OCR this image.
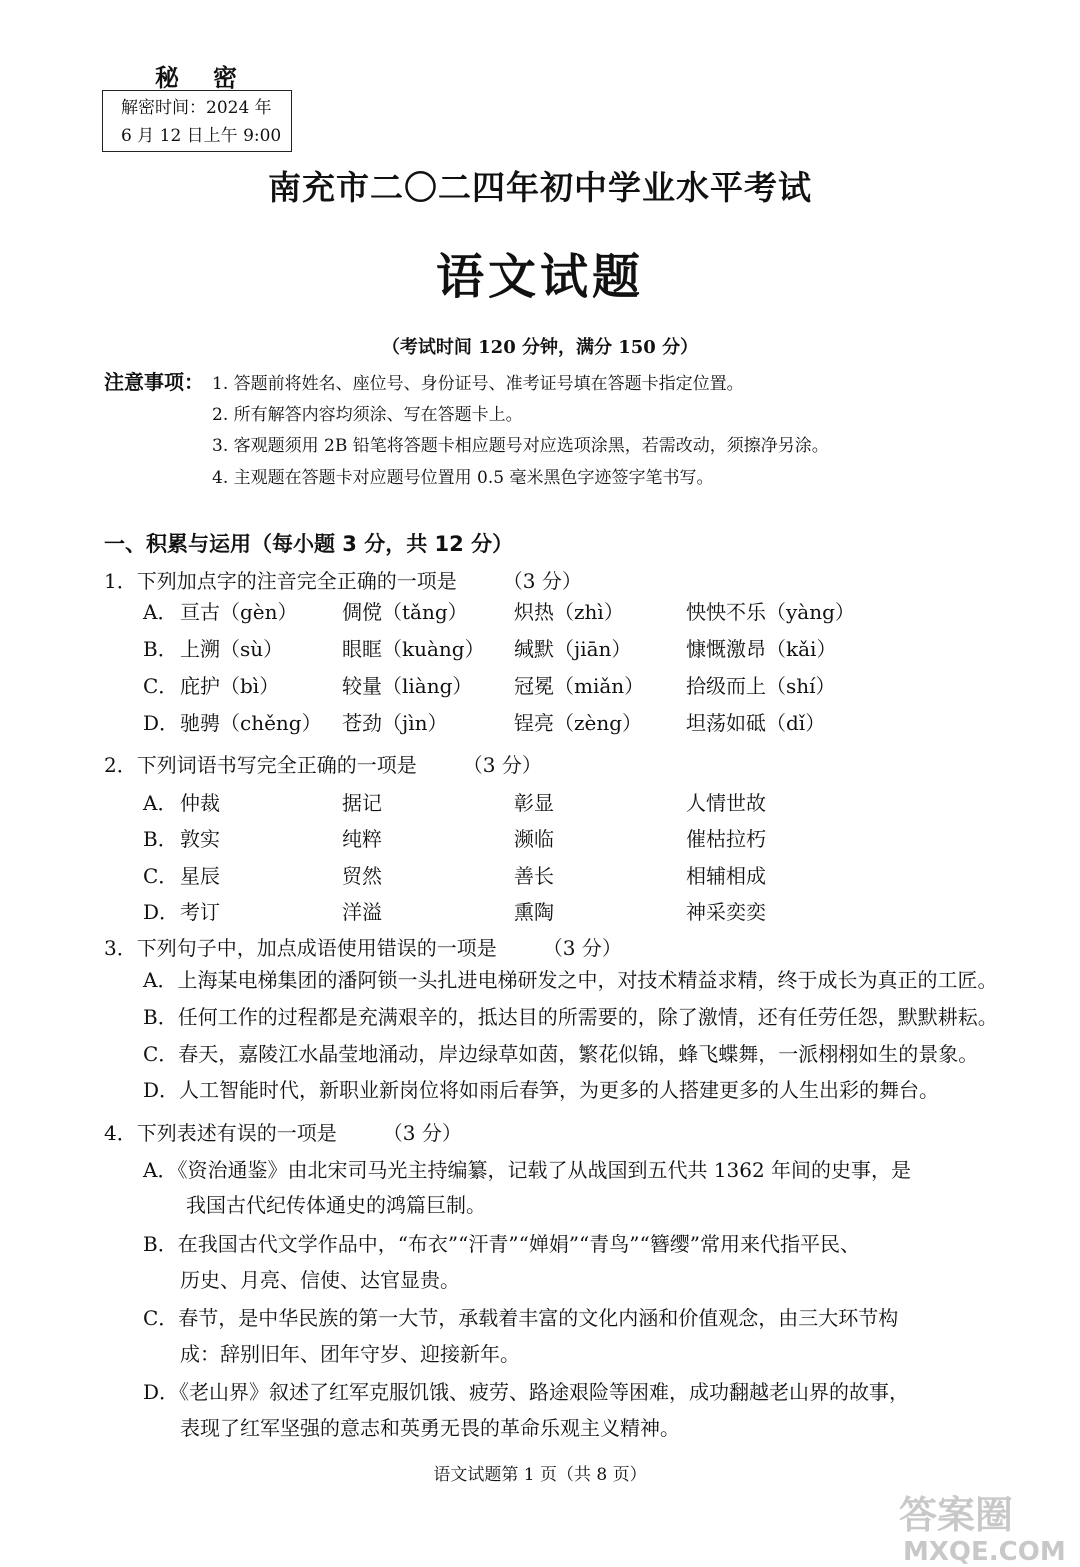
秘密
解密时间：2024 年
6 月 12 日上午 9:00
南充市二〇二四年初中学业水平考试
语文试题
（考试时间 120 分钟，满分 150 分）
注意事项： 1. 答题前将姓名、座位号、身份证号、准考证号填在答题卡指定位置。
2. 所有解答内容均须涂、写在答题卡上。
3. 客观题须用 2B 铅笔将答题卡相应题号对应选项涂黑，若需改动，须擦净另涂。
4. 主观题在答题卡对应题号位置用 0.5 毫米黑色字迹签字笔书写。
一、积累与运用（每小题 3 分，共 12 分）
1．下列加点字的注音完全正确的一项是 （3 分）
A． 亘古（gèn） 倜傥（tǎng） 炽热（zhì）	怏怏不乐（yàng）
B． 上溯（sù）	眼眶（kuàng） 缄默（jiān）	慷慨激昂（kǎi）
C． 庇护（bì）	较量（liàng） 冠冕（miǎn） 拾级而上（shí）
D． 驰骋（chěng） 苍劲（jìn）	锃亮（zèng） 坦荡如砥（dǐ）
2．下列词语书写完全正确的一项是 （3 分）
A． 仲裁	据记	彰显	人情世故
B． 敦实	纯粹	濒临	催枯拉朽
C． 星辰	贸然	善长	相辅相成
D． 考订	洋溢	熏陶	神采奕奕
3．下列句子中，加点成语使用错误的一项是 （3 分）
A．上海某电梯集团的潘阿锁一头扎进电梯研发之中，对技术精益求精，终于成长为真正的工匠。
B．任何工作的过程都是充满艰辛的，抵达目的所需要的，除了激情，还有任劳任怨，默默耕耘。
C．春天，嘉陵江水晶莹地涌动，岸边绿草如茵，繁花似锦，蜂飞蝶舞，一派栩栩如生的景象。
D．人工智能时代，新职业新岗位将如雨后春笋，为更多的人搭建更多的人生出彩的舞台。
4．下列表述有误的一项是 （3 分）
A．《资治通鉴》由北宋司马光主持编纂，记载了从战国到五代共 1362 年间的史事，是
我国古代纪传体通史的鸿篇巨制。
B．在我国古代文学作品中，“布衣”“汗青”“婵娟”“青鸟”“簪缨”常用来代指平民、
历史、月亮、信使、达官显贵。
C．春节，是中华民族的第一大节，承载着丰富的文化内涵和价值观念，由三大环节构
成：辞别旧年、团年守岁、迎接新年。
D．《老山界》叙述了红军克服饥饿、疲劳、路途艰险等困难，成功翻越老山界的故事，
表现了红军坚强的意志和英勇无畏的革命乐观主义精神。
语文试题第 1 页（共 8 页）
答案圈
MXQE.COM
